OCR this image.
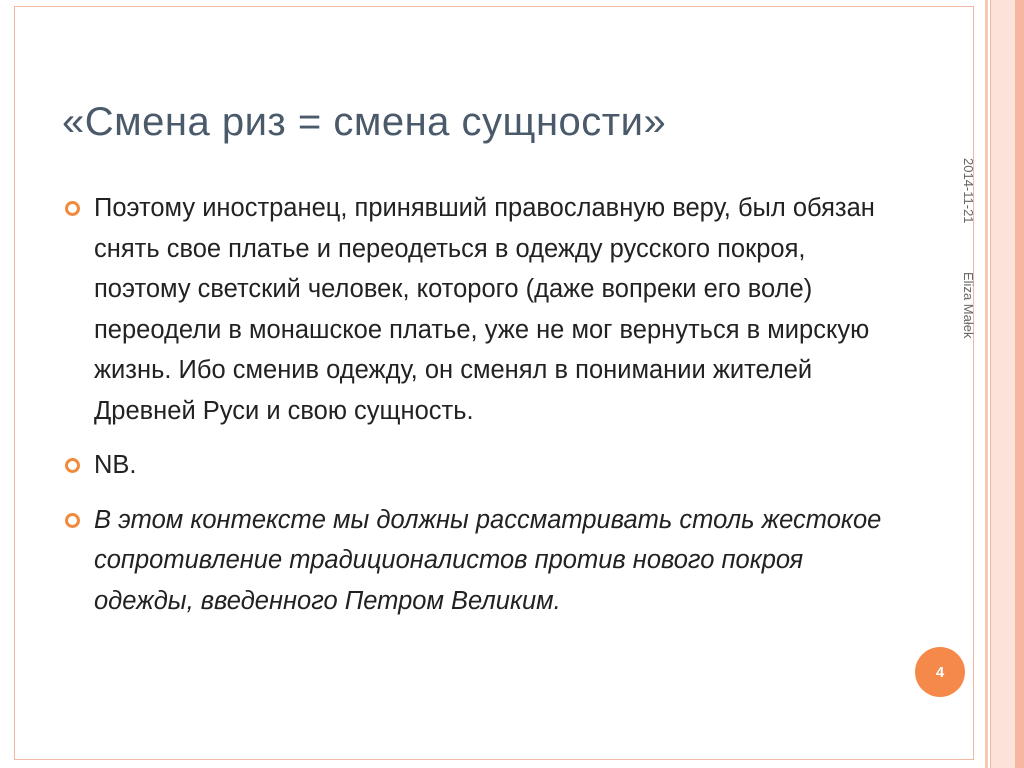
«Смена риз = смена сущности»
2014-11-21
Eliza Małek
Поэтому иностранец, принявший православную веру, был обязан снять свое платье и переодеться в одежду русского покроя, поэтому светский человек, которого (даже вопреки его воле) переодели в монашское платье, уже не мог вернуться в мирскую жизнь. Ибо сменив одежду, он сменял в понимании жителей Древней Руси и свою сущность.
NB.
В этом контексте мы должны рассматривать столь жестокое сопротивление традиционалистов против нового покроя одежды, введенного Петром Великим.
4
